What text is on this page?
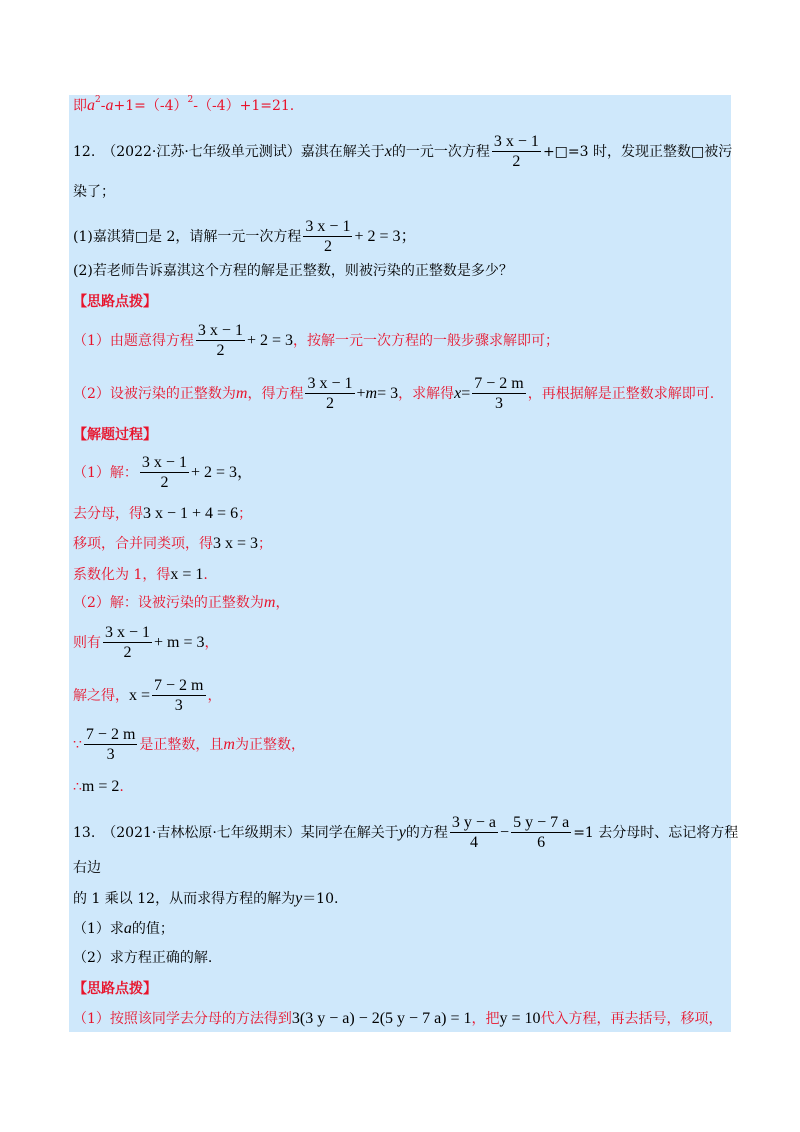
即 a 2 - a +1=（-4） 2 -（-4）+1=21.
12.　（2022·江苏·七年级单元测试）嘉淇在解关于 x 的一元一次方程 $\frac{3 x - 1}{2}$ +□=3 时，发现正整数□被污
染了；
(1)嘉淇猜□是 2，请解一元一次方程 $\frac{3 x - 1}{2} + 2 = 3$；
(2)若老师告诉嘉淇这个方程的解是正整数，则被污染的正整数是多少？
【思路点拨】
（1）由题意得方程 $\frac{3 x - 1}{2} + 2 = 3$ ，按解一元一次方程的一般步骤求解即可；
（2）设被污染的正整数为 m ，得方程 $\frac{3 x - 1}{2} + m = 3$ ，求解得 $x = \frac{7 - 2 m}{3}$ ，再根据解是正整数求解即可.
【解题过程】
（1）解： $\frac{3 x - 1}{2} + 2 = 3$，
去分母，得 3 x − 1 + 4 = 6 ；
移项，合并同类项，得 3 x = 3 ；
系数化为 1，得 x = 1 .
（2）解：设被污染的正整数为 m ，
则有 $\frac{3 x - 1}{2} + m = 3$ ，
解之得， $x = \frac{7 - 2 m}{3}$ ，
∵ $\frac{7 - 2 m}{3}$ 是正整数，且 m 为正整数，
∴ m = 2 .
13.　（2021·吉林松原·七年级期末）某同学在解关于 y 的方程 $\frac{3 y - a}{4} - \frac{5 y - 7 a}{6} =1$ 去分母时、忘记将方程
右边
的 1 乘以 12，从而求得方程的解为 y ＝10.
（1）求 a 的值；
（2）求方程正确的解.
【思路点拨】
（1）按照该同学去分母的方法得到 3(3 y − a) − 2(5 y − 7 a) = 1 ，把 y = 10 代入方程，再去括号，移项，
